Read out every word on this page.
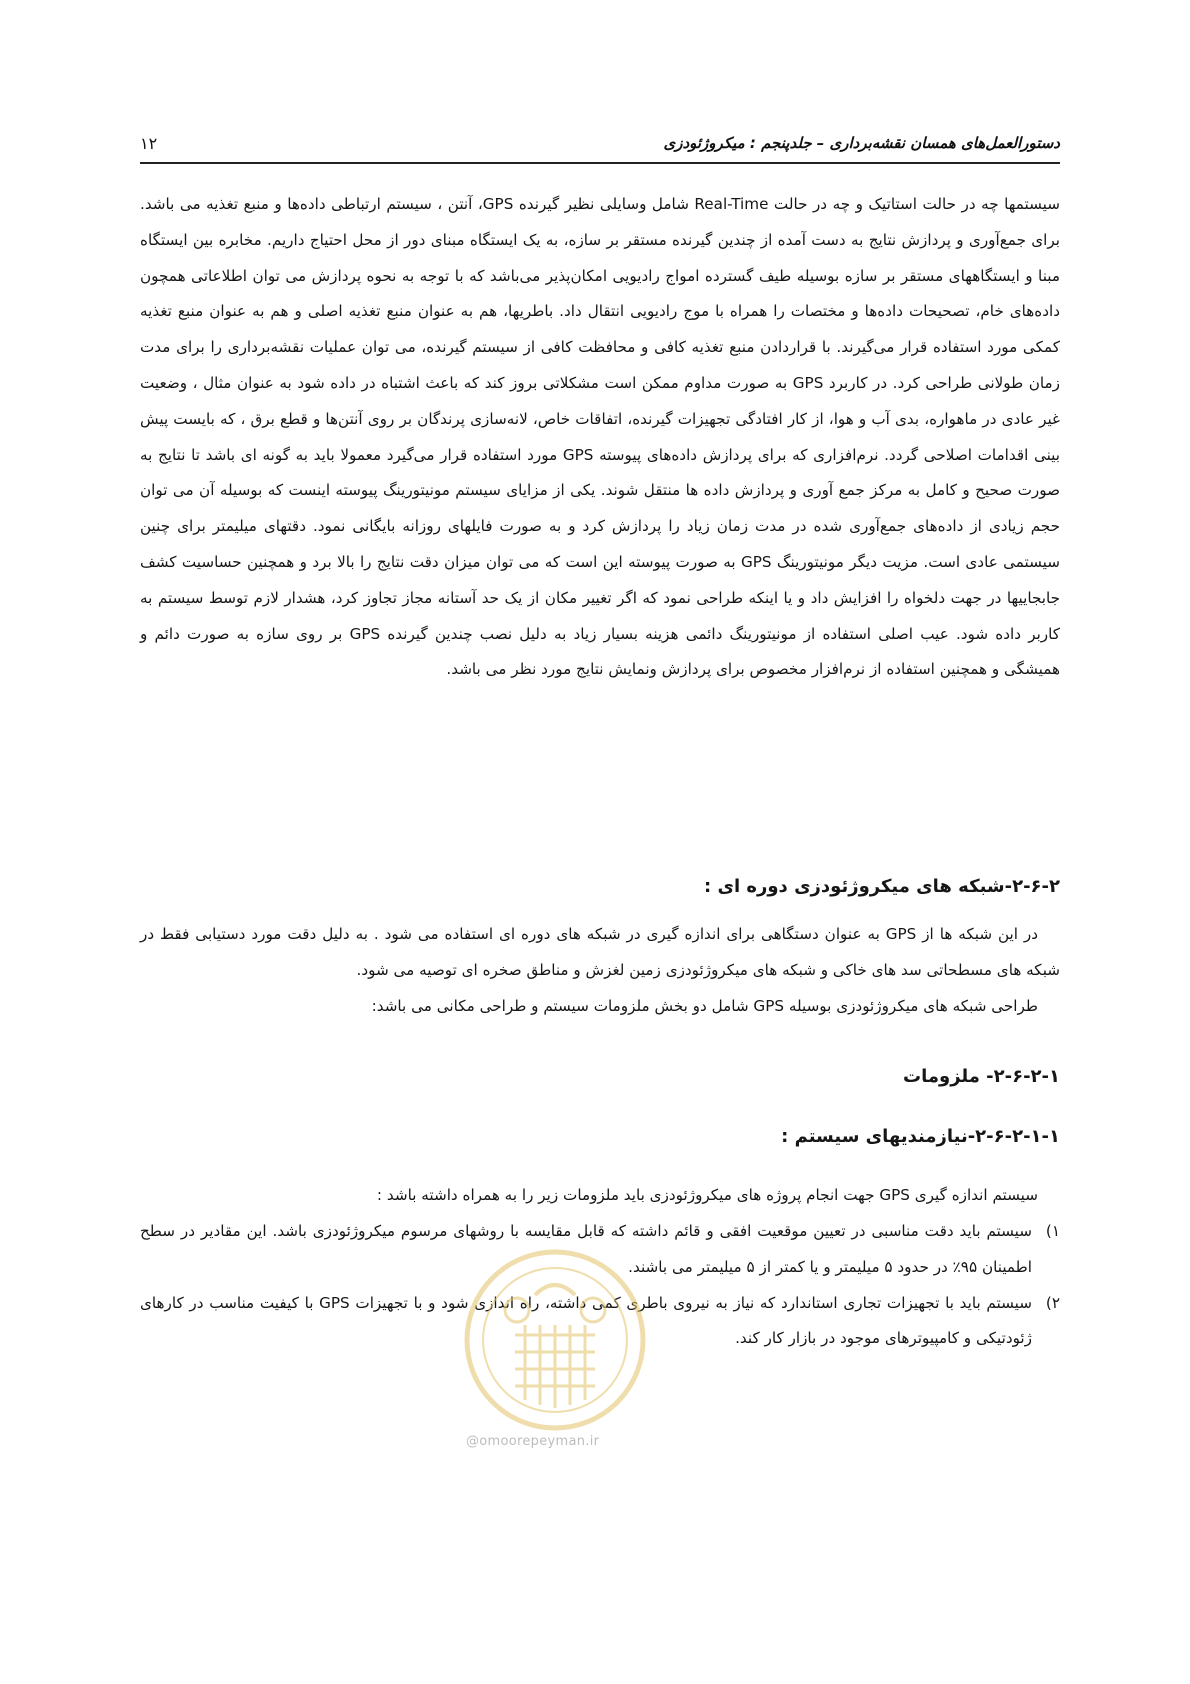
دستورالعمل‌های همسان نقشه‌برداری – جلدپنجم : میکروژئودزی
۱۲

سیستمها چه در حالت استاتیک و چه در حالت Real-Time شامل وسایلی نظیر گیرنده GPS، آنتن ، سیستم ارتباطی داده‌ها و منبع تغذیه می باشد. برای جمع‌آوری و پردازش نتایج به دست آمده از چندین گیرنده مستقر بر سازه، به یک ایستگاه مبنای دور از محل احتیاج داریم. مخابره بین ایستگاه مبنا و ایستگاههای مستقر بر سازه بوسیله طیف گسترده امواج رادیویی امکان‌پذیر می‌باشد که با توجه به نحوه پردازش می توان اطلاعاتی همچون داده‌های خام، تصحیحات داده‌ها و مختصات را همراه با موج رادیویی انتقال داد. باطریها، هم به عنوان منبع تغذیه اصلی و هم به عنوان منبع تغذیه کمکی مورد استفاده قرار می‌گیرند. با قراردادن منبع تغذیه کافی و محافظت کافی از سیستم گیرنده، می توان عملیات نقشه‌برداری را برای مدت زمان طولانی طراحی کرد. در کاربرد GPS به صورت مداوم ممکن است مشکلاتی بروز کند که باعث اشتباه در داده شود به عنوان مثال ، وضعیت غیر عادی در ماهواره، بدی آب و هوا، از کار افتادگی تجهیزات گیرنده، اتفاقات خاص، لانه‌سازی پرندگان بر روی آنتن‌ها و قطع برق ، که بایست پیش بینی اقدامات اصلاحی گردد. نرم‌افزاری که برای پردازش داده‌های پیوسته GPS مورد استفاده قرار می‌گیرد معمولا باید به گونه ای باشد تا نتایج به صورت صحیح و کامل به مرکز جمع آوری و پردازش داده ها منتقل شوند. یکی از مزایای سیستم مونیتورینگ پیوسته اینست که بوسیله آن می توان حجم زیادی از داده‌های جمع‌آوری شده در مدت زمان زیاد را پردازش کرد و به صورت فایلهای روزانه بایگانی نمود. دقتهای میلیمتر برای چنین سیستمی عادی است. مزیت دیگر مونیتورینگ GPS به صورت پیوسته این است که می توان میزان دقت نتایج را بالا برد و همچنین حساسیت کشف جابجاییها در جهت دلخواه را افزایش داد و یا اینکه طراحی نمود که اگر تغییر مکان از یک حد آستانه مجاز تجاوز کرد، هشدار لازم توسط سیستم به کاربر داده شود. عیب اصلی استفاده از مونیتورینگ دائمی هزینه بسیار زیاد به دلیل نصب چندین گیرنده GPS بر روی سازه به صورت دائم و همیشگی و همچنین استفاده از نرم‌افزار مخصوص برای پردازش ونمایش نتایج مورد نظر می باشد.

۲-۶-۲-شبکه های میکروژئودزی دوره ای :

در این شبکه ها از GPS به عنوان دستگاهی برای اندازه گیری در شبکه های دوره ای استفاده می شود . به دلیل دقت مورد دستیابی فقط در شبکه های مسطحاتی سد های خاکی و شبکه های میکروژئودزی زمین لغزش و مناطق صخره ای توصیه می شود.

طراحی شبکه های میکروژئودزی بوسیله GPS شامل دو بخش ملزومات سیستم و طراحی مکانی می باشد:

۲-۶-۲-۱- ملزومات
۲-۶-۲-۱-۱-نیازمندیهای سیستم :

سیستم اندازه گیری GPS جهت انجام پروژه های میکروژئودزی باید ملزومات زیر را به همراه داشته باشد :

۱)
سیستم باید دقت مناسبی در تعیین موقعیت افقی و قائم داشته که قابل مقایسه با روشهای مرسوم میکروژئودزی باشد. این مقادیر در سطح اطمینان ۹۵٪ در حدود ۵ میلیمتر و یا کمتر از ۵ میلیمتر می باشند.
۲)
سیستم باید با تجهیزات تجاری استاندارد که نیاز به نیروی باطری کمی داشته، راه اندازی شود و با تجهیزات GPS با کیفیت مناسب در کارهای ژئودتیکی و کامپیوترهای موجود در بازار کار کند.
@omoorepeyman.ir
